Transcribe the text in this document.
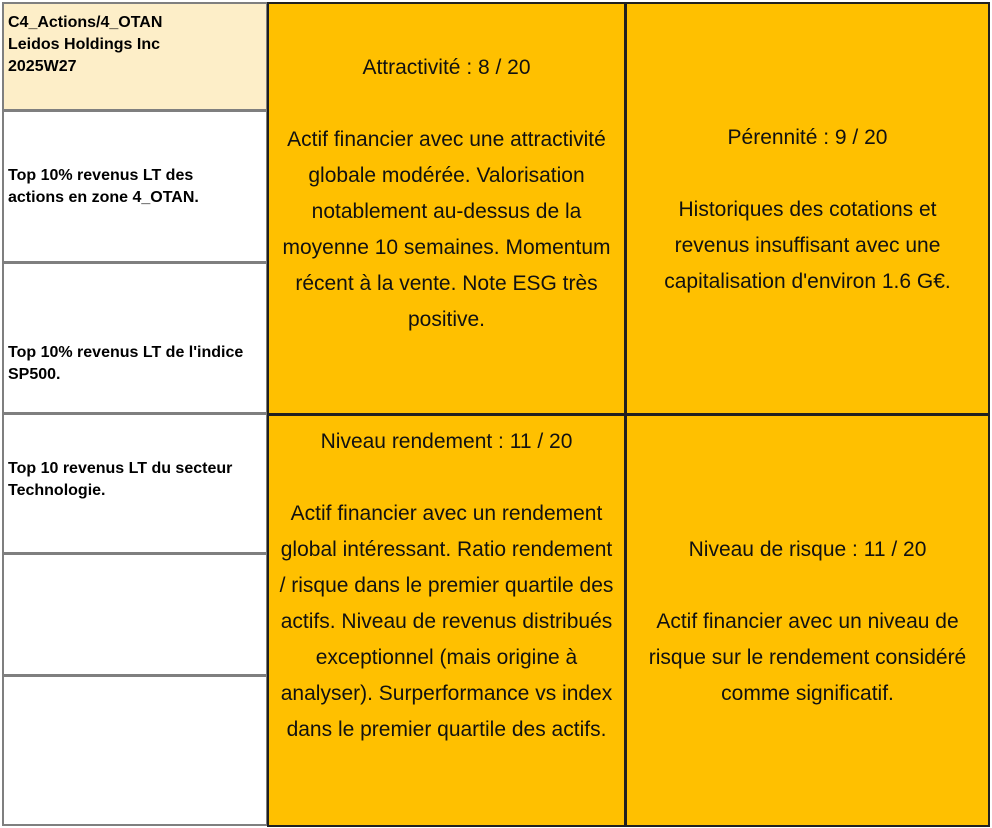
C4_Actions/4_OTAN
Leidos Holdings Inc
2025W27
Top 10% revenus LT des actions en zone 4_OTAN.
Top 10% revenus LT de l'indice SP500.
Top 10 revenus LT du secteur Technologie.
Attractivité : 8 / 20
Actif financier avec une attractivité globale modérée. Valorisation notablement au-dessus de la moyenne 10 semaines. Momentum récent à la vente. Note ESG très positive.
Pérennité : 9 / 20
Historiques des cotations et revenus insuffisant avec une capitalisation d'environ 1.6 G€.
Niveau rendement : 11 / 20
Actif financier avec un rendement global intéressant. Ratio rendement / risque dans le premier quartile des actifs. Niveau de revenus distribués exceptionnel (mais origine à analyser). Surperformance vs index dans le premier quartile des actifs.
Niveau de risque : 11 / 20
Actif financier avec un niveau de risque sur le rendement considéré comme significatif.
